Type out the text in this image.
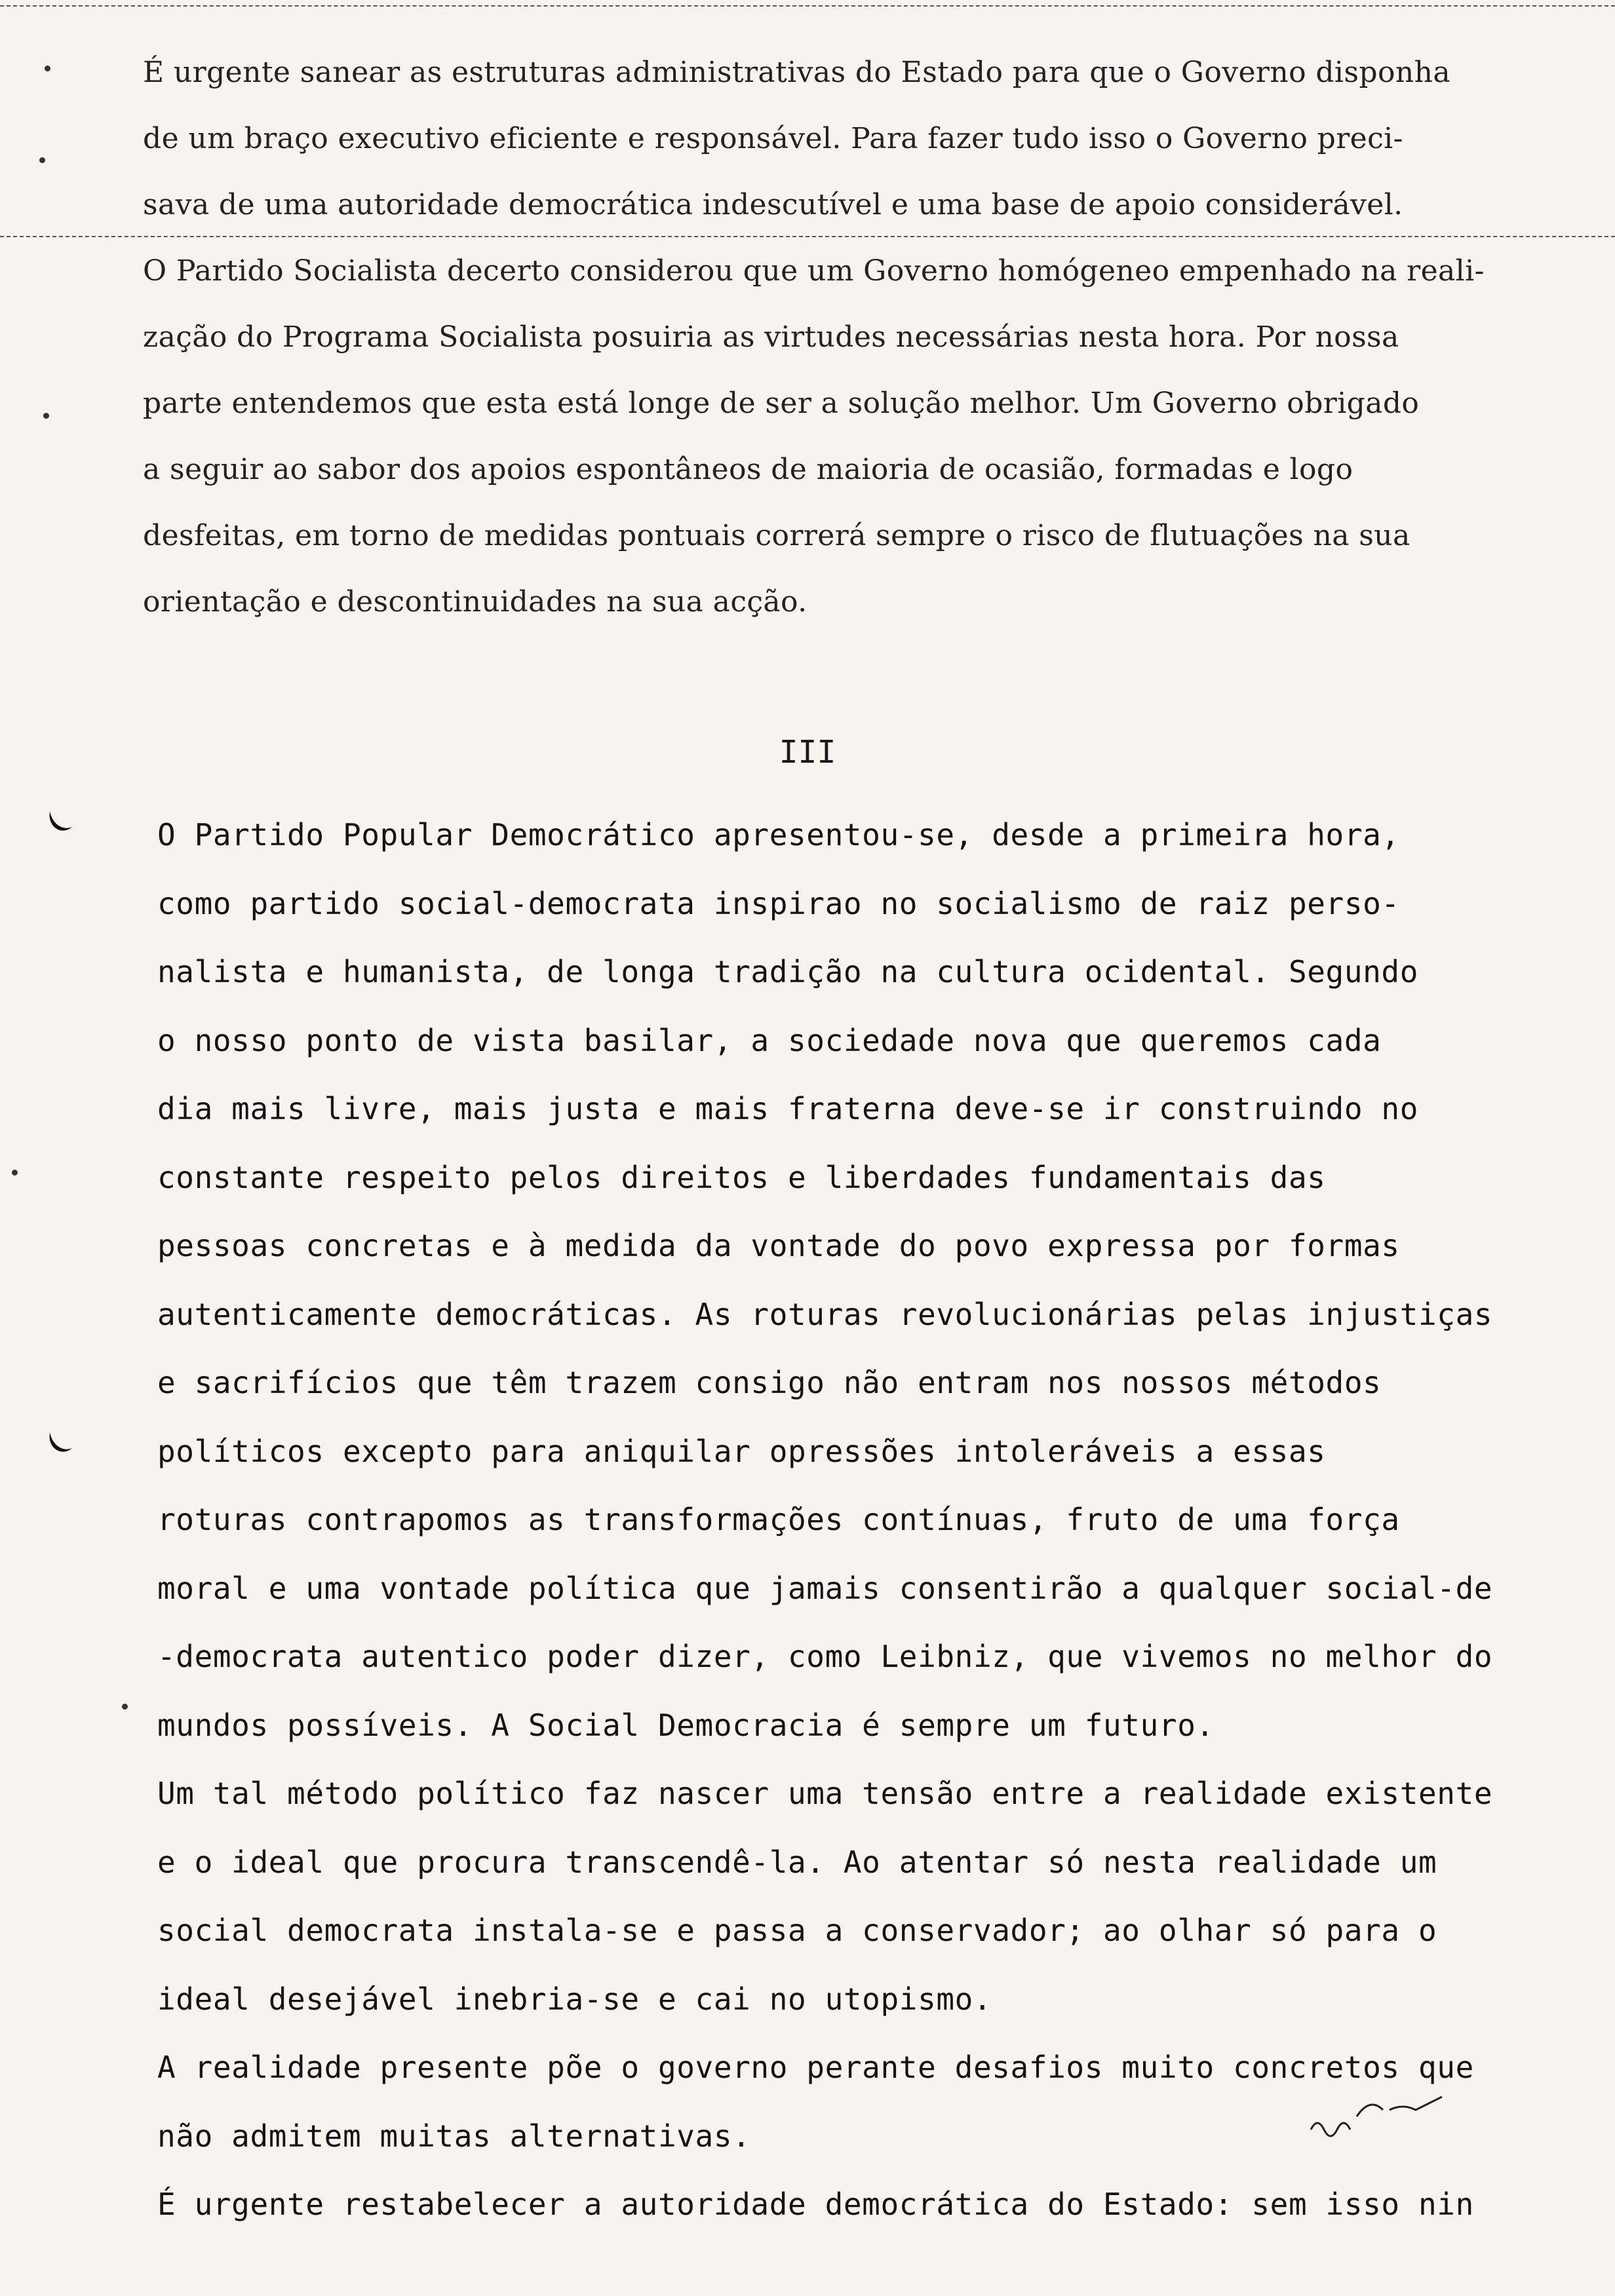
É urgente sanear as estruturas administrativas do Estado para que o Governo disponha

de um braço executivo eficiente e responsável. Para fazer tudo isso o Governo preci-

sava de uma autoridade democrática indescutível e uma base de apoio considerável.

O Partido Socialista decerto considerou que um Governo homógeneo empenhado na reali-

zação do Programa Socialista posuiria as virtudes necessárias nesta hora. Por nossa

parte entendemos que esta está longe de ser a solução melhor. Um Governo obrigado

a seguir ao sabor dos apoios espontâneos de maioria de ocasião, formadas e logo

desfeitas, em torno de medidas pontuais correrá sempre o risco de flutuações na sua

orientação e descontinuidades na sua acção.

III

O Partido Popular Democrático apresentou-se, desde a primeira hora,

como partido social-democrata inspirao no socialismo de raiz perso-

nalista e humanista, de longa tradição na cultura ocidental. Segundo

o nosso ponto de vista basilar, a sociedade nova que queremos cada

dia mais livre, mais justa e mais fraterna deve-se ir construindo no

constante respeito pelos direitos e liberdades fundamentais das

pessoas concretas e à medida da vontade do povo expressa por formas

autenticamente democráticas. As roturas revolucionárias pelas injustiças

e sacrifícios que têm trazem consigo não entram nos nossos métodos

políticos excepto para aniquilar opressões intoleráveis a essas

roturas contrapomos as transformações contínuas, fruto de uma força

moral e uma vontade política que jamais consentirão a qualquer social-de

-democrata autentico poder dizer, como Leibniz, que vivemos no melhor do

mundos possíveis. A Social Democracia é sempre um futuro.

Um tal método político faz nascer uma tensão entre a realidade existente

e o ideal que procura transcendê-la. Ao atentar só nesta realidade um

social democrata instala-se e passa a conservador; ao olhar só para o

ideal desejável inebria-se e cai no utopismo.

A realidade presente põe o governo perante desafios muito concretos que

não admitem muitas alternativas.

É urgente restabelecer a autoridade democrática do Estado: sem isso nin
